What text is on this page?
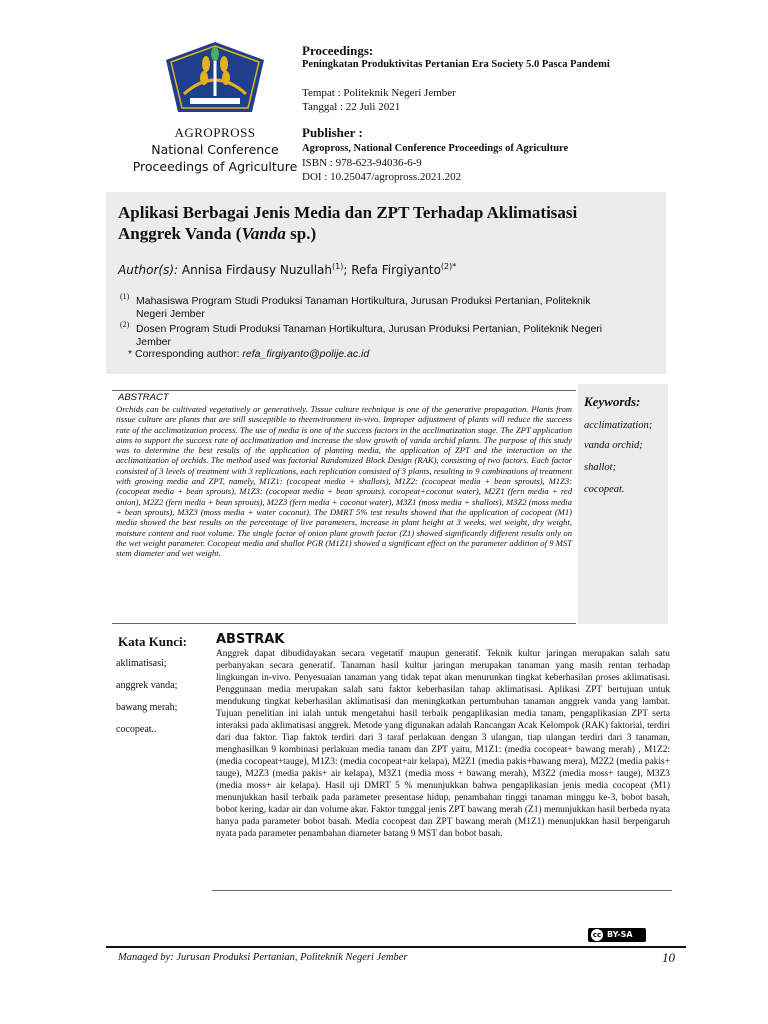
AGROPROSS
National Conference
Proceedings of Agriculture
Proceedings:
Peningkatan Produktivitas Pertanian Era Society 5.0 Pasca Pandemi
Tempat : Politeknik Negeri Jember
Tanggal : 22 Juli 2021
Publisher :
Agropross, National Conference Proceedings of Agriculture
ISBN : 978-623-94036-6-9
DOI : 10.25047/agropross.2021.202
Aplikasi Berbagai Jenis Media dan ZPT Terhadap Aklimatisasi
Anggrek Vanda (Vanda sp.)
Author(s): Annisa Firdausy Nuzullah$^{(1)}$; Refa Firgiyanto$^{(2)*}$
(1) Mahasiswa Program Studi Produksi Tanaman Hortikultura, Jurusan Produksi Pertanian, Politeknik
Negeri Jember
(2) Dosen Program Studi Produksi Tanaman Hortikultura, Jurusan Produksi Pertanian, Politeknik Negeri
Jember
* Corresponding author: refa_firgiyanto@polije.ac.id
ABSTRACT
Orchids can be cultivated vegetatively or generatively. Tissue culture technique is one of the generative propagation. Plants from tissue culture are plants that are still susceptible to theenvironment in-vivo. Improper adjustment of plants will reduce the success rate of the acclimatization process. The use of media is one of the success factors in the acclimatization stage. The ZPT application aims to support the success rate of acclimatization and increase the slow growth of vanda orchid plants. The purpose of this study was to determine the best results of the application of planting media, the application of ZPT and the interaction on the acclimatization of orchids. The method used was factorial Randomized Block Design (RAK), consisting of two factors. Each factor consisted of 3 levels of treatment with 3 replications, each replication consisted of 3 plants, resulting in 9 combinations of treatment with growing media and ZPT, namely, M1Z1: (cocopeat media + shallots), M1Z2: (cocopeat media + bean sprouts), M1Z3: (cocopeat media + bean sprouts), M1Z3: (cocopeat media + bean sprouts). cocopeat+coconut water), M2Z1 (fern media + red onion), M2Z2 (fern media + bean sprouts), M2Z3 (fern media + coconut water), M3Z1 (moss media + shallots), M3Z2 (moss media + bean sprouts), M3Z3 (moss media + water coconut). The DMRT 5% test results showed that the application of cocopeat (M1) media showed the best results on the percentage of live parameters, increase in plant height at 3 weeks, wet weight, dry weight, moisture content and root volume. The single factor of onion plant growth factor (Z1) showed significantly different results only on the wet weight parameter. Cocopeat media and shallot PGR (M1Z1) showed a significant effect on the parameter addition of 9 MST stem diameter and wet weight.
Keywords:
acclimatization;
vanda orchid;
shallot;
cocopeat.
Kata Kunci:
aklimatisasi;
anggrek vanda;
bawang merah;
cocopeat..
ABSTRAK
Anggrek dapat dibudidayakan secara vegetatif maupun generatif. Teknik kultur jaringan merupakan salah satu perbanyakan secara generatif. Tanaman hasil kultur jaringan merupakan tanaman yang masih rentan terhadap lingkungan in-vivo. Penyesuaian tanaman yang tidak tepat akan menurunkan tingkat keberhasilan proses aklimatisasi. Penggunaan media merupakan salah satu faktor keberhasilan tahap aklimatisasi. Aplikasi ZPT bertujuan untuk mendukung tingkat keberhasilan aklimatisasi dan meningkatkan pertumbuhan tanaman anggrek vanda yang lambat. Tujuan penelitian ini ialah untuk mengetahui hasil terbaik pengaplikasian media tanam, pengaplikasian ZPT serta interaksi pada aklimatisasi anggrek. Metode yang digunakan adalah Rancangan Acak Kelompok (RAK) faktorial, terdiri dari dua faktor. Tiap faktok terdiri dari 3 taraf perlakuan dengan 3 ulangan, tiap ulangan terdiri dari 3 tanaman, menghasilkan 9 kombinasi perlakuan media tanam dan ZPT yaitu, M1Z1: (media cocopeat+ bawang merah) , M1Z2: (media cocopeat+tauge), M1Z3: (media cocopeat+air kelapa), M2Z1 (media pakis+bawang mera), M2Z2 (media pakis+ tauge), M2Z3 (media pakis+ air kelapa), M3Z1 (media moss + bawang merah), M3Z2 (media moss+ tauge), M3Z3 (media moss+ air kelapa). Hasil uji DMRT 5 % menunjukkan bahwa pengaplikasian jenis media cocopeat (M1) menunjukkan hasil terbaik pada parameter presentase hidup, penambahan tinggi tanaman minggu ke-3, bobot basah, bobot kering, kadar air dan volume akar. Faktor tunggal jenis ZPT bawang merah (Z1) menunjukkan hasil berbeda nyata hanya pada parameter bobot basah. Media cocopeat dan ZPT bawang merah (M1Z1) menunjukkan hasil berpengaruh nyata pada parameter penambahan diameter batang 9 MST dan bobot basah.
cc BY-SA
Managed by: Jurusan Produksi Pertanian, Politeknik Negeri Jember	10
